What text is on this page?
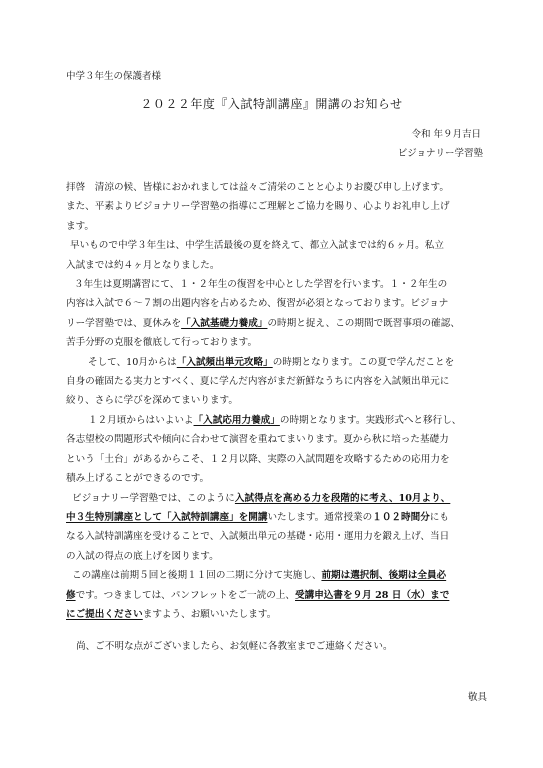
中学３年生の保護者様
２０２２年度『入試特訓講座』開講のお知らせ
令和 年９月吉日
ビジョナリー学習塾

拝啓　清涼の候、皆様におかれましては益々ご清栄のことと心よりお慶び申し上げます。

また、平素よりビジョナリー学習塾の指導にご理解とご協力を賜り、心よりお礼申し上げ

ます。

早いもので中学３年生は、中学生活最後の夏を終えて、都立入試までは約６ヶ月。私立

入試までは約４ヶ月となりました。

３年生は夏期講習にて、１・２年生の復習を中心とした学習を行います。１・２年生の

内容は入試で６～７割の出題内容を占めるため、復習が必須となっております。ビジョナ

リー学習塾では、夏休みを「入試基礎力養成」の時期と捉え、この期間で既習事項の確認、

苦手分野の克服を徹底して行っております。

そして、10月からは「入試頻出単元攻略」の時期となります。この夏で学んだことを

自身の確固たる実力とすべく、夏に学んだ内容がまだ新鮮なうちに内容を入試頻出単元に

絞り、さらに学びを深めてまいります。

１２月頃からはいよいよ「入試応用力養成」の時期となります。実践形式へと移行し、

各志望校の問題形式や傾向に合わせて演習を重ねてまいります。夏から秋に培った基礎力

という「土台」があるからこそ、１２月以降、実際の入試問題を攻略するための応用力を

積み上げることができるのです。

ビジョナリー学習塾では、このように入試得点を高める力を段階的に考え、10月より、

中３生特別講座として「入試特訓講座」を開講いたします。通常授業の１０２時間分にも

なる入試特訓講座を受けることで、入試頻出単元の基礎・応用・運用力を鍛え上げ、当日

の入試の得点の底上げを図ります。

この講座は前期５回と後期１１回の二期に分けて実施し、前期は選択制、後期は全員必

修です。つきましては、パンフレットをご一読の上、受講申込書を９月 28 日（水）まで

にご提出くださいますよう、お願いいたします。

尚、ご不明な点がございましたら、お気軽に各教室までご連絡ください。

敬具
